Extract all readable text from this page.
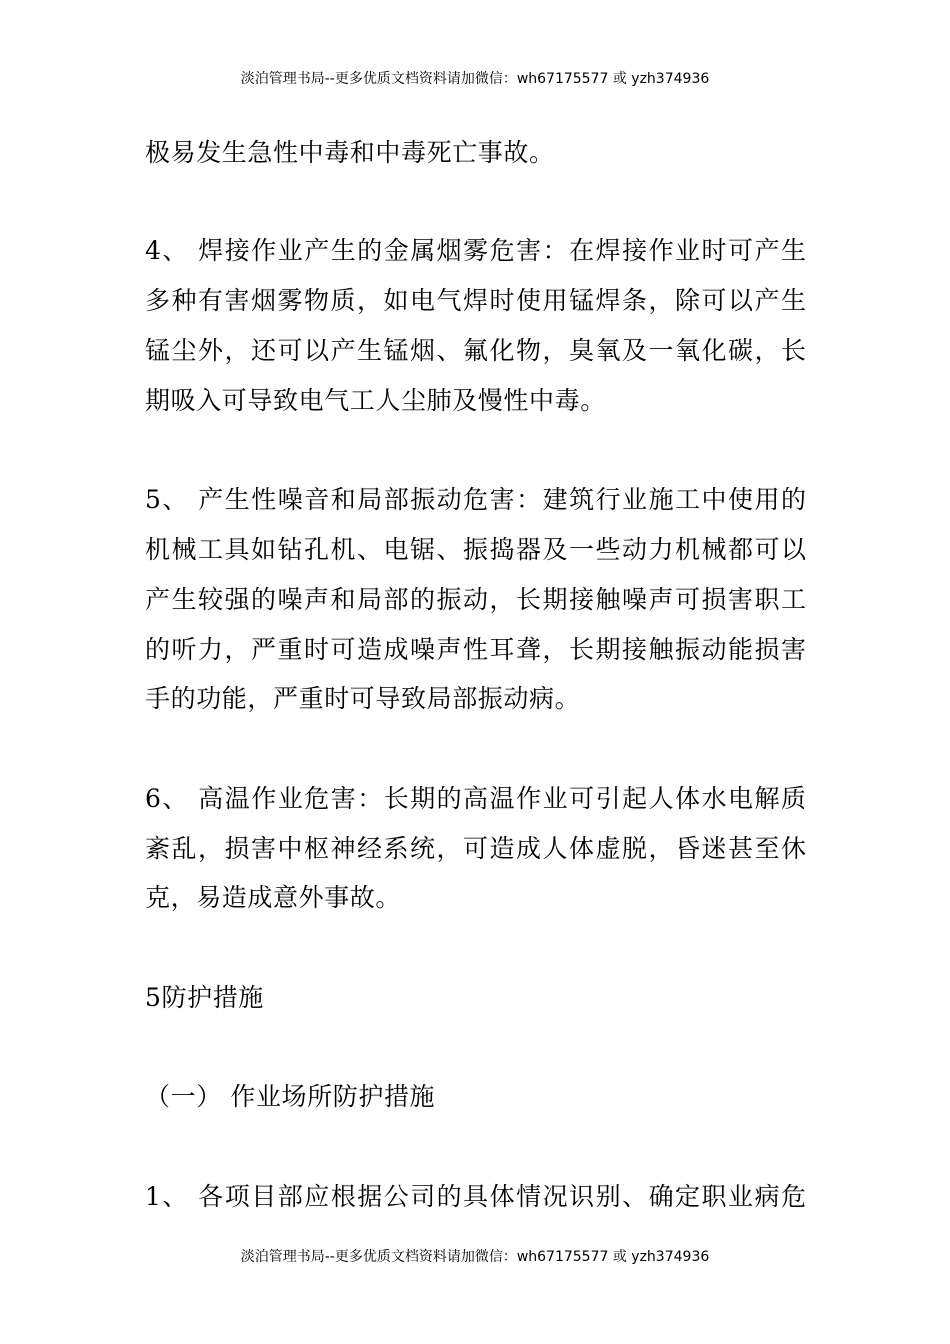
淡泊管理书局--更多优质文档资料请加微信：wh67175577 或 yzh374936
极易发生急性中毒和中毒死亡事故。
4、 焊接作业产生的金属烟雾危害：在焊接作业时可产生
多种有害烟雾物质，如电气焊时使用锰焊条，除可以产生
锰尘外，还可以产生锰烟、氟化物，臭氧及一氧化碳，长
期吸入可导致电气工人尘肺及慢性中毒。
5、 产生性噪音和局部振动危害：建筑行业施工中使用的
机械工具如钻孔机、电锯、振捣器及一些动力机械都可以
产生较强的噪声和局部的振动，长期接触噪声可损害职工
的听力，严重时可造成噪声性耳聋，长期接触振动能损害
手的功能，严重时可导致局部振动病。
6、 高温作业危害：长期的高温作业可引起人体水电解质
紊乱，损害中枢神经系统，可造成人体虚脱，昏迷甚至休
克，易造成意外事故。
5防护措施
（一） 作业场所防护措施
1、 各项目部应根据公司的具体情况识别、确定职业病危
淡泊管理书局--更多优质文档资料请加微信：wh67175577 或 yzh374936
